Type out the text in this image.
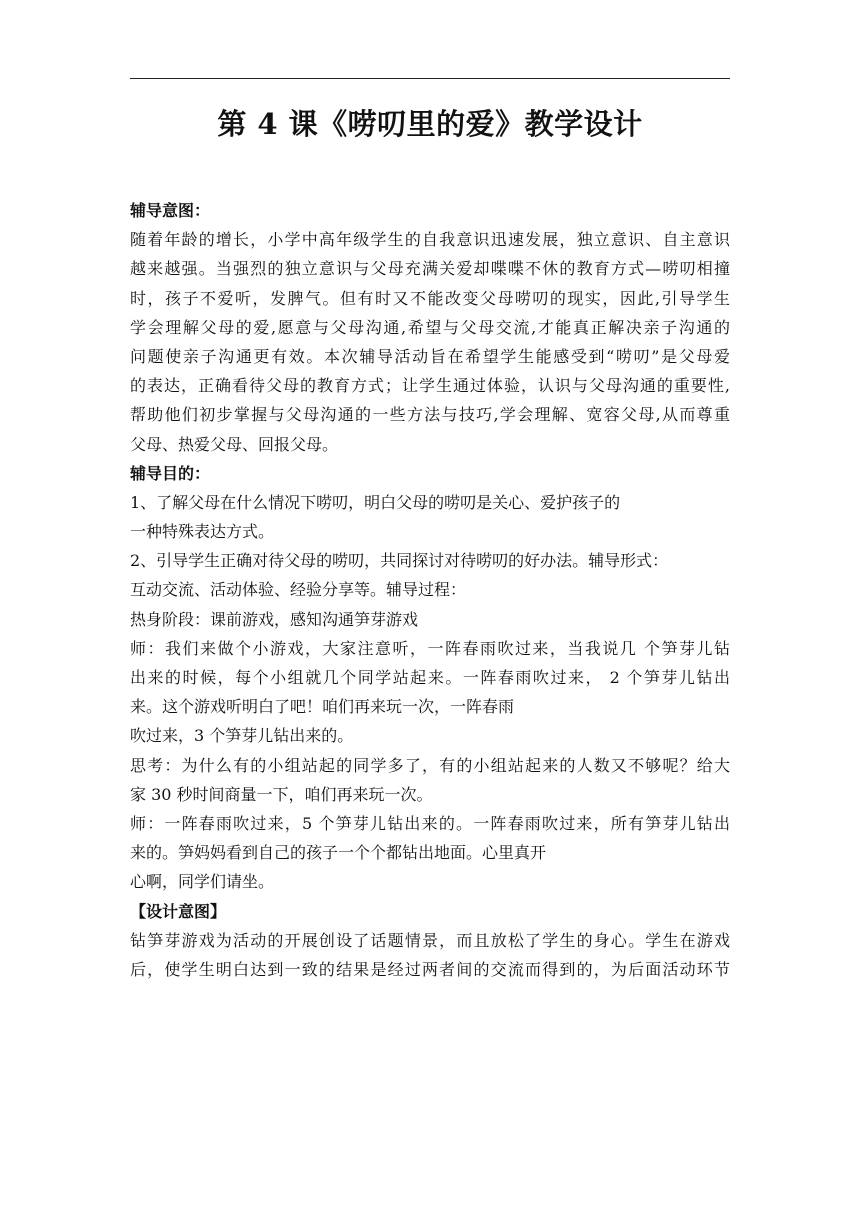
第 4 课《唠叨里的爱》教学设计
辅导意图：
随着年龄的增长，小学中高年级学生的自我意识迅速发展，独立意识、自主意识
越来越强。当强烈的独立意识与父母充满关爱却喋喋不休的教育方式—唠叨相撞
时，孩子不爱听，发脾气。但有时又不能改变父母唠叨的现实，因此,引导学生
学会理解父母的爱,愿意与父母沟通,希望与父母交流,才能真正解决亲子沟通的
问题使亲子沟通更有效。本次辅导活动旨在希望学生能感受到“唠叨”是父母爱
的表达，正确看待父母的教育方式；让学生通过体验，认识与父母沟通的重要性,
帮助他们初步掌握与父母沟通的一些方法与技巧,学会理解、宽容父母,从而尊重
父母、热爱父母、回报父母。
辅导目的：
1、了解父母在什么情况下唠叨，明白父母的唠叨是关心、爱护孩子的
一种特殊表达方式。
2、引导学生正确对待父母的唠叨，共同探讨对待唠叨的好办法。辅导形式：
互动交流、活动体验、经验分享等。辅导过程：
热身阶段：课前游戏，感知沟通笋芽游戏
师：我们来做个小游戏，大家注意听，一阵春雨吹过来，当我说几 个笋芽儿钻
出来的时候，每个小组就几个同学站起来。一阵春雨吹过来， 2 个笋芽儿钻出
来。这个游戏听明白了吧！咱们再来玩一次，一阵春雨
吹过来，3 个笋芽儿钻出来的。
思考：为什么有的小组站起的同学多了，有的小组站起来的人数又不够呢？给大
家 30 秒时间商量一下，咱们再来玩一次。
师：一阵春雨吹过来，5 个笋芽儿钻出来的。一阵春雨吹过来，所有笋芽儿钻出
来的。笋妈妈看到自己的孩子一个个都钻出地面。心里真开
心啊，同学们请坐。
【设计意图】
钻笋芽游戏为活动的开展创设了话题情景，而且放松了学生的身心。学生在游戏
后，使学生明白达到一致的结果是经过两者间的交流而得到的，为后面活动环节
